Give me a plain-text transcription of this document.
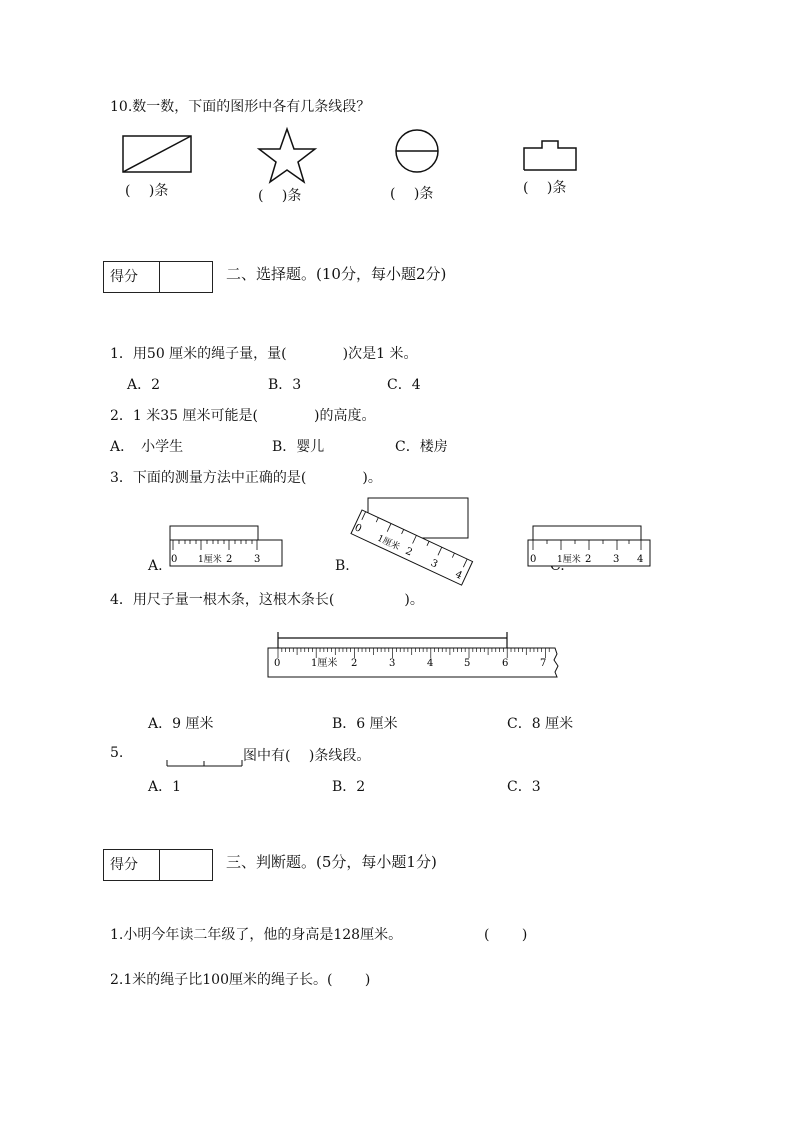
10.数一数，下面的图形中各有几条线段？
(　 )条	(　 )条	(　 )条	(　 )条
得分	二、选择题。(10分，每小题2分)
1．用50 厘米的绳子量，量(　　　　)次是1 米。
A．2	B．3	C．4
2．1 米35 厘米可能是(　　　　)的高度。
A．　小学生	B．婴儿	C．楼房
3．下面的测量方法中正确的是(　　　　)。
A. 0 1厘米 2 3	B.
0
1厘米 2
3
4
0 1厘米 2 3 4
4．用尺子量一根木条，这根木条长(　　　　　)。
0	1厘米 2	3	4	5	6	7
A．9 厘米	B．6 厘米	C．8 厘米
5.	图中有(　 )条线段。
A．1	B．2	C．3
得分	三、判断题。(5分，每小题1分)
1.小明今年读二年级了，他的身高是128厘米。	(　　 )
2.1米的绳子比100厘米的绳子长。(　　 )
